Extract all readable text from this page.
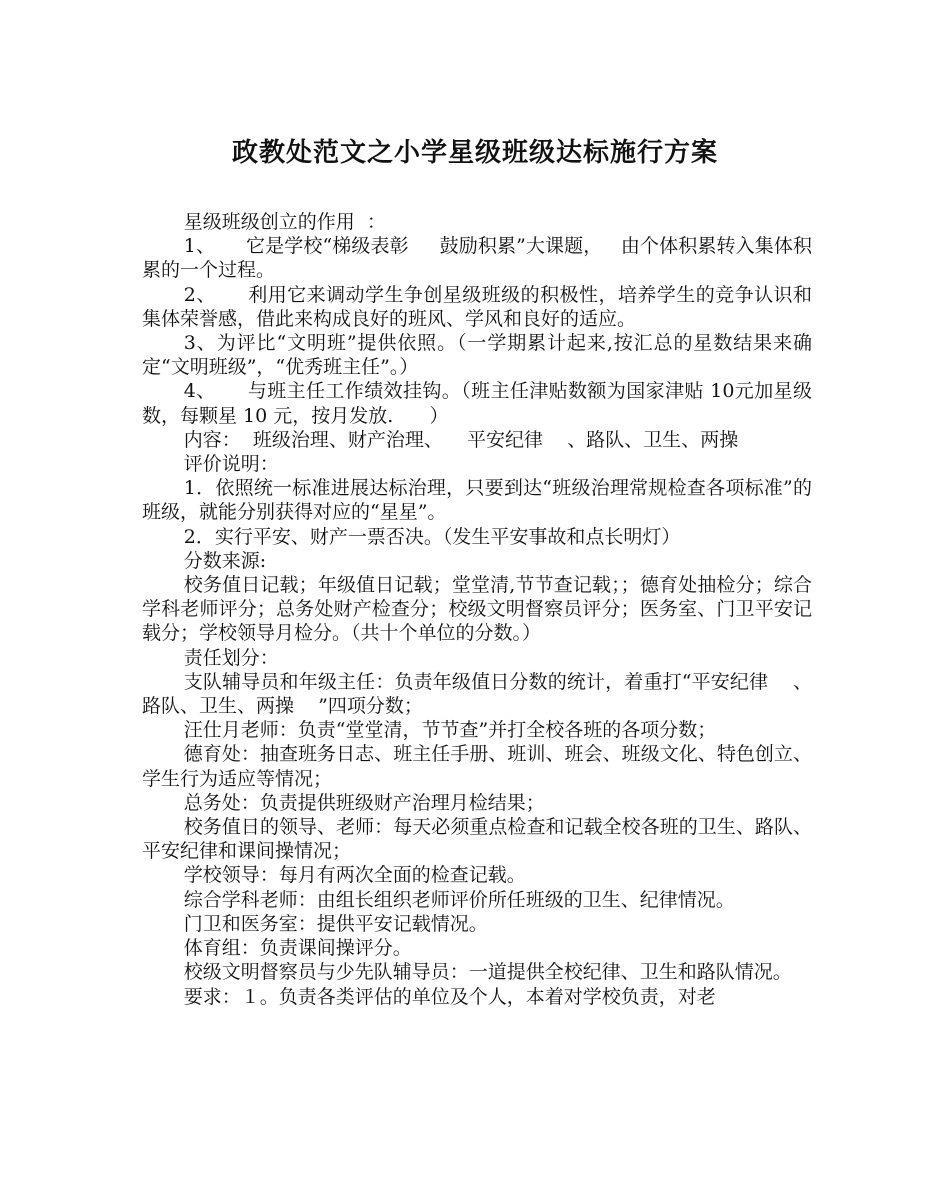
政教处范文之小学星级班级达标施行方案

星级班级创立的作用  ：

1、     它是学校“梯级表彰     鼓励积累”大课题，   由个体积累转入集体积累的一个过程。

2、     利用它来调动学生争创星级班级的积极性，培养学生的竞争认识和集体荣誉感，借此来构成良好的班风、学风和良好的适应。

3、为评比“文明班”提供依照。（一学期累计起来,按汇总的星数结果来确定“文明班级”，“优秀班主任”。）

4、     与班主任工作绩效挂钩。（班主任津贴数额为国家津贴 10元加星级数，每颗星 10 元，按月发放.      ）

内容：  班级治理、财产治理、    平安纪律    、路队、卫生、两操

评价说明：

1．依照统一标准进展达标治理，只要到达“班级治理常规检查各项标准”的班级，就能分别获得对应的“星星”。

2．实行平安、财产一票否决。（发生平安事故和点长明灯）

分数来源:

校务值日记载；年级值日记载；堂堂清,节节查记载；；德育处抽检分；综合学科老师评分；总务处财产检查分；校级文明督察员评分；医务室、门卫平安记载分；学校领导月检分。（共十个单位的分数。）

责任划分：

支队辅导员和年级主任：负责年级值日分数的统计，着重打“平安纪律    、路队、卫生、两操    ”四项分数；

汪仕月老师：负责“堂堂清，节节查”并打全校各班的各项分数；

德育处：抽查班务日志、班主任手册、班训、班会、班级文化、特色创立、学生行为适应等情况；

总务处：负责提供班级财产治理月检结果；

校务值日的领导、老师：每天必须重点检查和记载全校各班的卫生、路队、平安纪律和课间操情况；

学校领导：每月有两次全面的检查记载。

综合学科老师：由组长组织老师评价所任班级的卫生、纪律情况。

门卫和医务室：提供平安记载情况。

体育组：负责课间操评分。

校级文明督察员与少先队辅导员：一道提供全校纪律、卫生和路队情况。

要求：１。负责各类评估的单位及个人，本着对学校负责，对老
